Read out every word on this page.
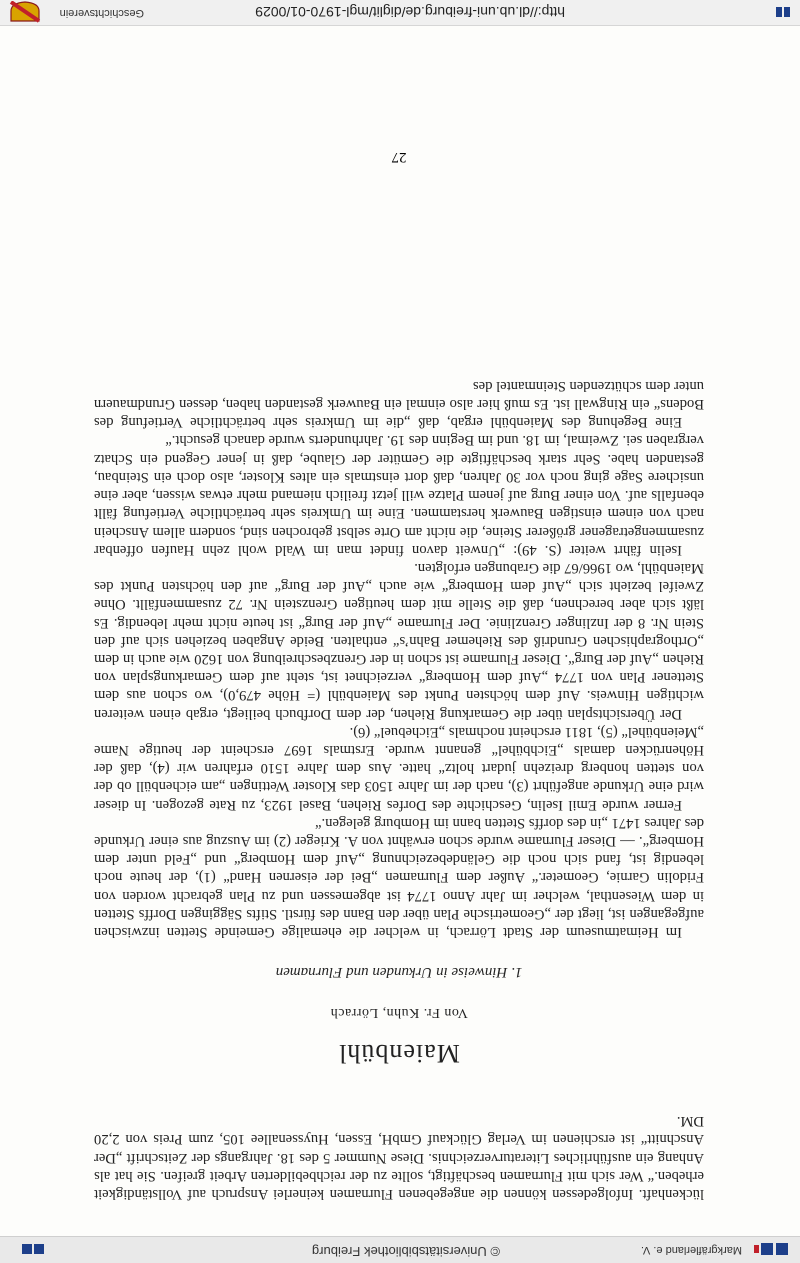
Markgräflerland e. V.
© Universitätsbibliothek Freiburg

lückenhaft. Infolgedessen können die angegebenen Flurnamen keinerlei Anspruch auf Vollständigkeit erheben.“ Wer sich mit Flurnamen beschäftigt, sollte zu der reichbebilderten Arbeit greifen. Sie hat als Anhang ein ausführliches Literaturverzeichnis. Diese Nummer 5 des 18. Jahrgangs der Zeitschrift „Der Anschnitt“ ist erschienen im Verlag Glückauf GmbH, Essen, Huyssenallee 105, zum Preis von 2,20 DM.

Maienbühl
Von Fr. Kuhn, Lörrach
1. Hinweise in Urkunden und Flurnamen

Im Heimatmuseum der Stadt Lörrach, in welcher die ehemalige Gemeinde Stetten inzwischen aufgegangen ist, liegt der „Geometrische Plan über den Bann des fürstl. Stifts Säggingen Dorffs Stetten in dem Wiesenthal, welcher im Jahr Anno 1774 ist abgemessen und zu Plan gebracht worden von Fridolin Garnie, Geometer.“ Außer dem Flurnamen „Bei der eisernen Hand“ (1), der heute noch lebendig ist, fand sich noch die Geländebezeichnung „Auf dem Homberg“ und „Feld unter dem Homberg“. — Dieser Flurname wurde schon erwähnt von A. Krieger (2) im Auszug aus einer Urkunde des Jahres 1471 „in des dorffs Stetten bann im Homburg gelegen.“

Ferner wurde Emil Iselin, Geschichte des Dorfes Riehen, Basel 1923, zu Rate gezogen. In dieser wird eine Urkunde angeführt (3), nach der im Jahre 1503 das Kloster Wettingen „am eichenbüll ob der von stetten honberg dreizehn judart holtz“ hatte. Aus dem Jahre 1510 erfahren wir (4), daß der Höhenrücken damals „Eichbühel“ genannt wurde. Erstmals 1697 erscheint der heutige Name „Meienbühel“ (5), 1811 erscheint nochmals „Eichebuel“ (6).

Der Übersichtsplan über die Gemarkung Riehen, der dem Dorfbuch beiliegt, ergab einen weiteren wichtigen Hinweis. Auf dem höchsten Punkt des Maienbühl (= Höhe 479,0), wo schon aus dem Stettener Plan von 1774 „Auf dem Homberg“ verzeichnet ist, steht auf dem Gemarkungsplan von Riehen „Auf der Burg“. Dieser Flurname ist schon in der Grenzbeschreibung von 1620 wie auch in dem „Orthographischen Grundriß des Riehemer Bahn’s“ enthalten. Beide Angaben beziehen sich auf den Stein Nr. 8 der Inzlinger Grenzlinie. Der Flurname „Auf der Burg“ ist heute nicht mehr lebendig. Es läßt sich aber berechnen, daß die Stelle mit dem heutigen Grenzstein Nr. 72 zusammenfällt. Ohne Zweifel bezieht sich „Auf dem Homberg“ wie auch „Auf der Burg“ auf den höchsten Punkt des Maienbühl, wo 1966/67 die Grabungen erfolgten.

Iselin fährt weiter (S. 49): „Unweit davon findet man im Wald wohl zehn Haufen offenbar zusammengetragener größerer Steine, die nicht am Orte selbst gebrochen sind, sondern allem Anschein nach von einem einstigen Bauwerk herstammen. Eine im Umkreis sehr beträchtliche Vertiefung fällt ebenfalls auf. Von einer Burg auf jenem Platze will jetzt freilich niemand mehr etwas wissen, aber eine unsichere Sage ging noch vor 30 Jahren, daß dort einstmals ein altes Kloster, also doch ein Steinbau, gestanden habe. Sehr stark beschäftigte die Gemüter der Glaube, daß in jener Gegend ein Schatz vergraben sei. Zweimal, im 18. und im Beginn des 19. Jahrhunderts wurde danach gesucht.“

Eine Begehung des Maienbühl ergab, daß „die im Umkreis sehr beträchtliche Vertiefung des Bodens“ ein Ringwall ist. Es muß hier also einmal ein Bauwerk gestanden haben, dessen Grundmauern unter dem schützenden Steinmantel des

27
http://dl.ub.uni-freiburg.de/diglit/mgl-1970-01/0029
Geschichtsverein
